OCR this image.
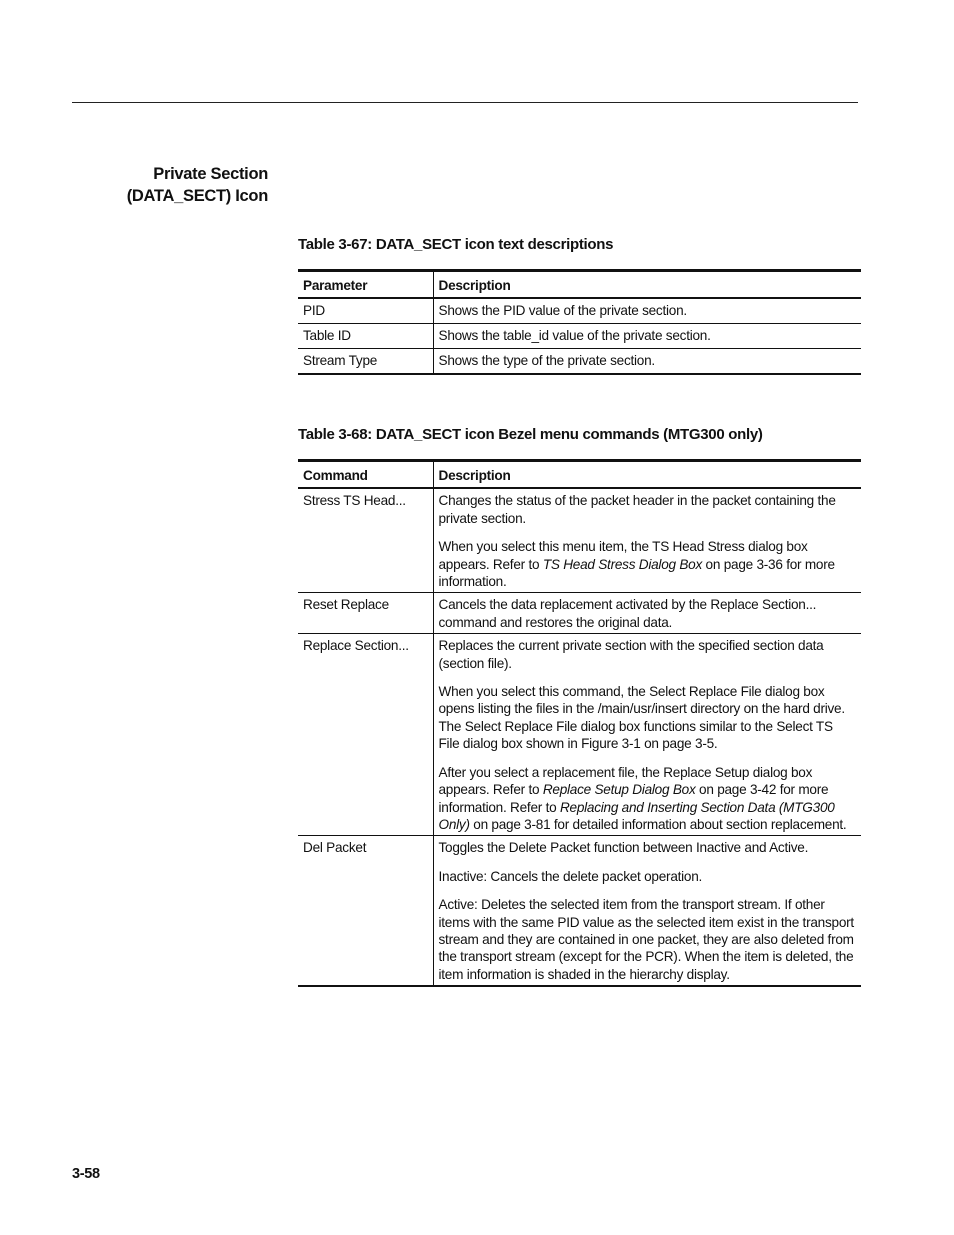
Private Section
(DATA_SECT) Icon
Table 3-67: DATA_SECT icon text descriptions
Parameter	Description
PID	Shows the PID value of the private section.
Table ID	Shows the table_id value of the private section.
Stream Type	Shows the type of the private section.
Table 3-68: DATA_SECT icon Bezel menu commands (MTG300 only)
Command	Description
Stress TS Head...	Changes the status of the packet header in the packet containing the private section.

When you select this menu item, the TS Head Stress dialog box appears. Refer to TS Head Stress Dialog Box on page 3-36 for more information.

Reset Replace	Cancels the data replacement activated by the Replace Section... command and restores the original data.

Replace Section...	Replaces the current private section with the specified section data (section file).

When you select this command, the Select Replace File dialog box opens listing the files in the /main/usr/insert directory on the hard drive. The Select Replace File dialog box functions similar to the Select TS File dialog box shown in Figure 3-1 on page 3-5.

After you select a replacement file, the Replace Setup dialog box appears. Refer to Replace Setup Dialog Box on page 3-42 for more information. Refer to Replacing and Inserting Section Data (MTG300 Only) on page 3-81 for detailed information about section replacement.

Del Packet	Toggles the Delete Packet function between Inactive and Active.

Inactive: Cancels the delete packet operation.

Active: Deletes the selected item from the transport stream. If other items with the same PID value as the selected item exist in the transport stream and they are contained in one packet, they are also deleted from the transport stream (except for the PCR). When the item is deleted, the item information is shaded in the hierarchy display.

3-58
